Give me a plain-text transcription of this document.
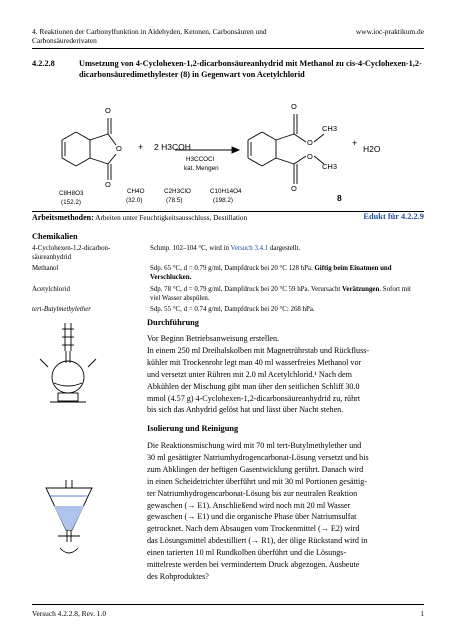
4. Reaktionen der Carbonylfunktion in Aldehyden, Ketonen, Carbonsäuren und Carbonsäurederivaten
www.ioc-praktikum.de
4.2.2.8	Umsetzung von 4-Cyclohexen-1,2-dicarbonsäureanhydrid mit Methanol zu cis-4-Cyclohexen-1,2-dicarbonsäuredimethylester (8) in Gegenwart von Acetylchlorid
O
O
O
+ 2 H3COH
H3CCOCl
kat. Mengen
O
O
CH3
O
CH3
O
+
H2O
8
C8H8O3
(152.2)
CH4O
(32.0)
C2H3ClO
(78.5)
C10H14O4
(198.2)
Arbeitsmethoden: Arbeiten unter Feuchtigkeitsausschluss, Destillation	Edukt für 4.2.2.9
Chemikalien
4-Cyclohexen-1,2-dicarbon-säureanhydrid
Schmp. 102–104 °C, wird in Versuch 3.4.1 dargestellt.
Methanol	Sdp. 65 °C, d = 0.79 g/ml, Dampfdruck bei 20 °C 128 hPa. Giftig beim Einatmen und Verschlucken.
Acetylchlorid	Sdp. 78 °C, d = 0.79 g/ml, Dampfdruck bei 20 °C 59 hPa. Verursacht Verätzungen. Sofort mit viel Wasser abspülen.
tert-Butylmethylether	Sdp. 55 °C, d = 0.74 g/ml, Dampfdruck bei 20 °C: 268 hPa.
Durchführung
Vor Beginn Betriebsanweisung erstellen.
In einem 250 ml Dreihalskolben mit Magnetrührstab und Rückfluss-
kühler mit Trockenrohr legt man 40 ml wasserfreies Methanol vor
und versetzt unter Rühren mit 2.0 ml Acetylchlorid.¹ Nach dem
Abkühlen der Mischung gibt man über den seitlichen Schliff 30.0
mmol (4.57 g) 4-Cyclohexen-1,2-dicarbonsäureanhydrid zu, rührt
bis sich das Anhydrid gelöst hat und lässt über Nacht stehen.
Isolierung und Reinigung
Die Reaktionsmischung wird mit 70 ml tert-Butylmethylether und
30 ml gesättigter Natriumhydrogencarbonat-Lösung versetzt und bis
zum Abklingen der heftigen Gasentwicklung gerührt. Danach wird
in einen Scheidetrichter überführt und mit 30 ml Portionen gesättig-
ter Natriumhydrogencarbonat-Lösung bis zur neutralen Reaktion
gewaschen (→ E1). Anschließend wird noch mit 20 ml Wasser
gewaschen (→ E1) und die organische Phase über Natriumsulfat
getrocknet. Nach dem Absaugen vom Trockenmittel (→ E2) wird
das Lösungsmittel abdestilliert (→ R1), der ölige Rückstand wird in
einen tarierten 10 ml Rundkolben überführt und die Lösungs-
mittelreste werden bei vermindertem Druck abgezogen. Ausbeute
des Rohproduktes?
Versuch 4.2.2.8, Rev. 1.0	1
